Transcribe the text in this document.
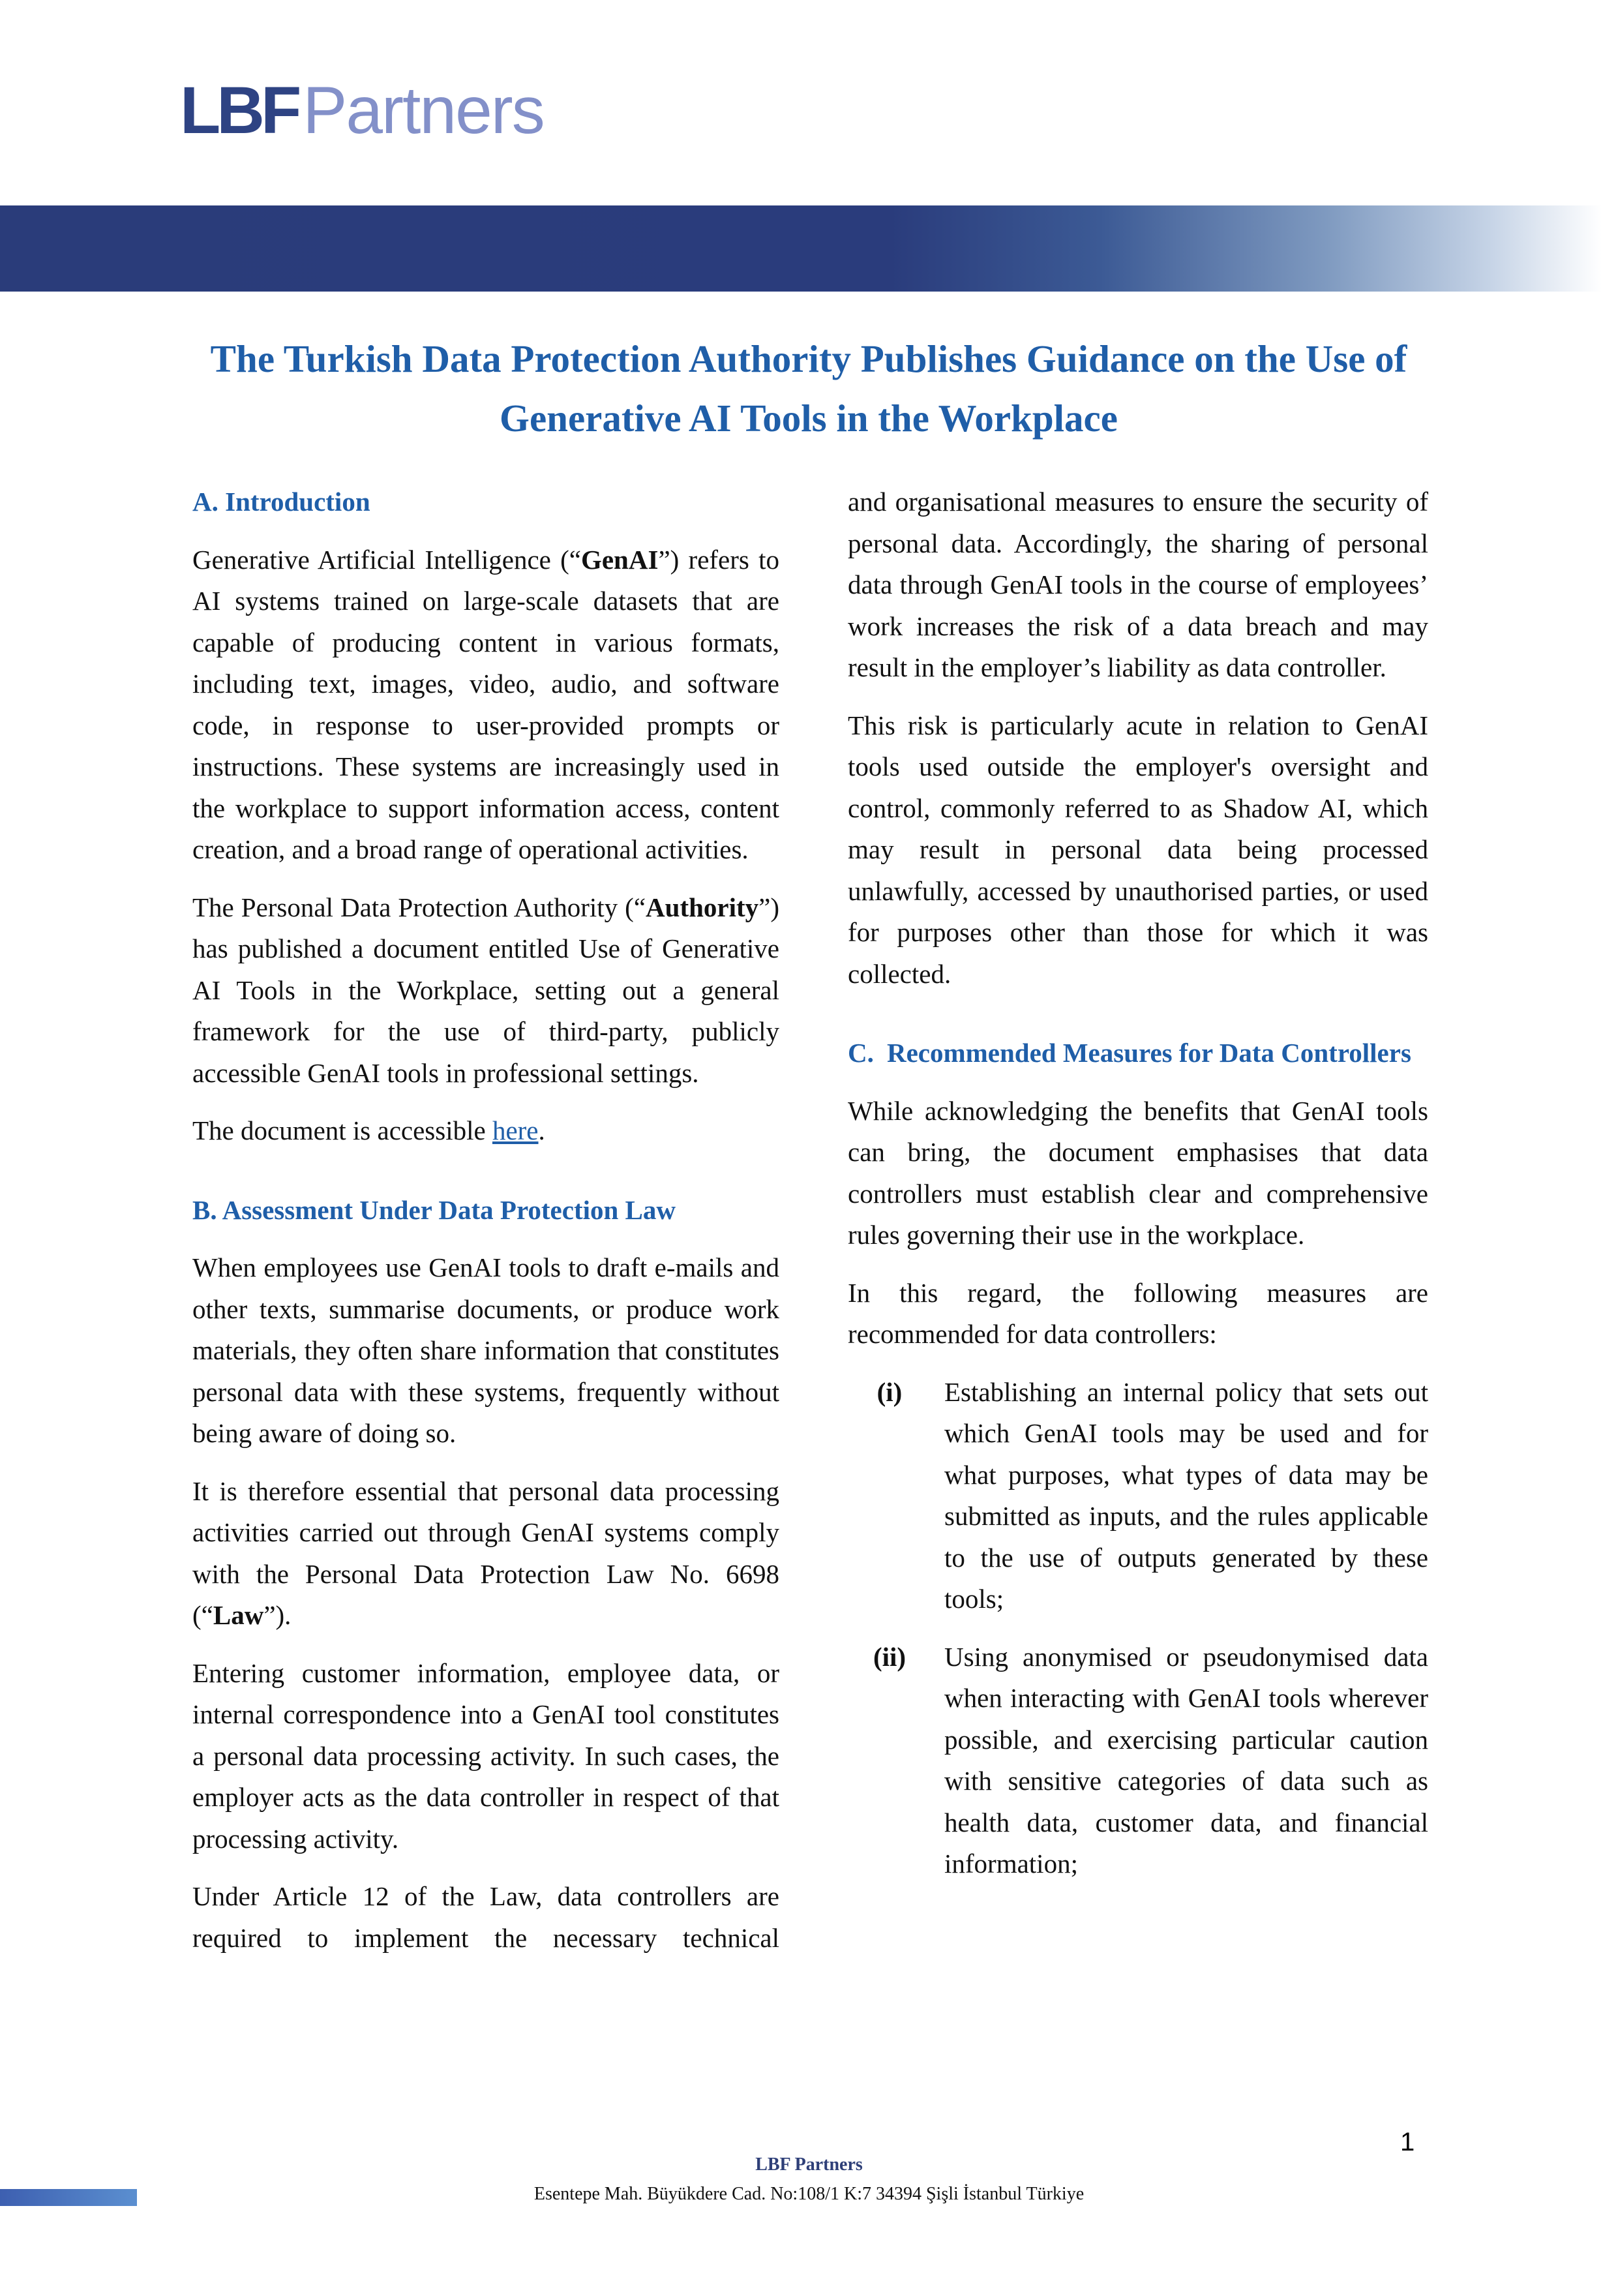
LBFPartners
The Turkish Data Protection Authority Publishes Guidance on the Use of Generative AI Tools in the Workplace
A. Introduction

Generative Artificial Intelligence (“GenAI”) refers to AI systems trained on large-scale datasets that are capable of producing content in various formats, including text, images, video, audio, and software code, in response to user-provided prompts or instructions. These systems are increasingly used in the workplace to support information access, content creation, and a broad range of operational activities.

The Personal Data Protection Authority (“Authority”) has published a document entitled Use of Generative AI Tools in the Workplace, setting out a general framework for the use of third-party, publicly accessible GenAI tools in professional settings.

The document is accessible here.

B. Assessment Under Data Protection Law

When employees use GenAI tools to draft e-mails and other texts, summarise documents, or produce work materials, they often share information that constitutes personal data with these systems, frequently without being aware of doing so.

It is therefore essential that personal data processing activities carried out through GenAI systems comply with the Personal Data Protection Law No. 6698 (“Law”).

Entering customer information, employee data, or internal correspondence into a GenAI tool constitutes a personal data processing activity. In such cases, the employer acts as the data controller in respect of that processing activity.

Under Article 12 of the Law, data controllers are required to implement the necessary technical

and organisational measures to ensure the security of personal data. Accordingly, the sharing of personal data through GenAI tools in the course of employees’ work increases the risk of a data breach and may result in the employer’s liability as data controller.

This risk is particularly acute in relation to GenAI tools used outside the employer's oversight and control, commonly referred to as Shadow AI, which may result in personal data being processed unlawfully, accessed by unauthorised parties, or used for purposes other than those for which it was collected.

C. Recommended Measures for Data Controllers

While acknowledging the benefits that GenAI tools can bring, the document emphasises that data controllers must establish clear and comprehensive rules governing their use in the workplace.

In this regard, the following measures are recommended for data controllers:

(i)	Establishing an internal policy that sets out which GenAI tools may be used and for what purposes, what types of data may be submitted as inputs, and the rules applicable to the use of outputs generated by these tools;
(ii)	Using anonymised or pseudonymised data when interacting with GenAI tools wherever possible, and exercising particular caution with sensitive categories of data such as health data, customer data, and financial information;
1
LBF Partners
Esentepe Mah. Büyükdere Cad. No:108/1 K:7 34394 Şişli İstanbul Türkiye
